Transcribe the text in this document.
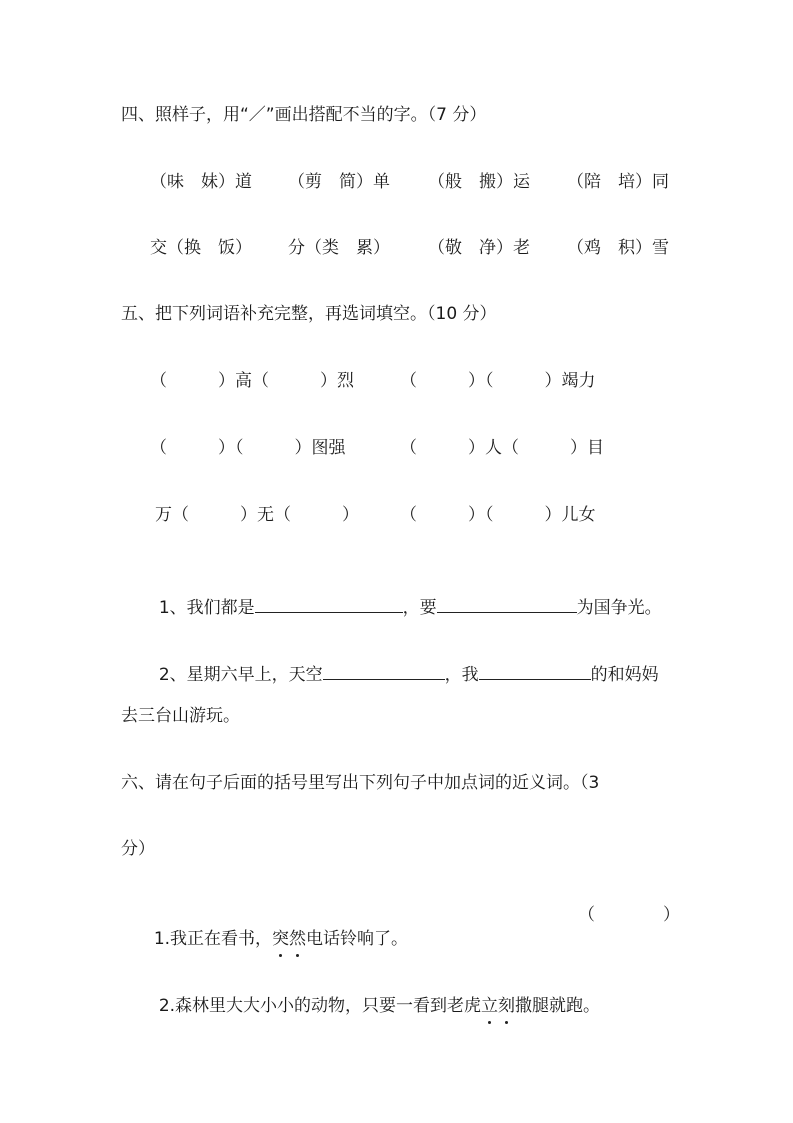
四、照样子，用“／”画出搭配不当的字。（7 分）
（味　妹）道 （剪　简）单 （般　搬）运 （陪　培）同
交（换　饭） 分（类　累） （敬　净）老 （鸡　积）雪
五、把下列词语补充完整，再选词填空。（10 分）
（　　　）高（　　　）烈	（　　　）（　　　）竭力
（　　　）（　　　）图强	（　　　）人（　　　）目
万（　　　）无（　　　） （　　　）（　　　）儿女

1、我们都是	，要	为国争光。

2、星期六早上，天空	，我	的和妈妈

去三台山游玩。
六、请在句子后面的括号里写出下列句子中加点词的近义词。（3
分）

1.我正在看书，突然电话铃响了。

（　　　　）

2.森林里大大小小的动物，只要一看到老虎立刻撒腿就跑。
